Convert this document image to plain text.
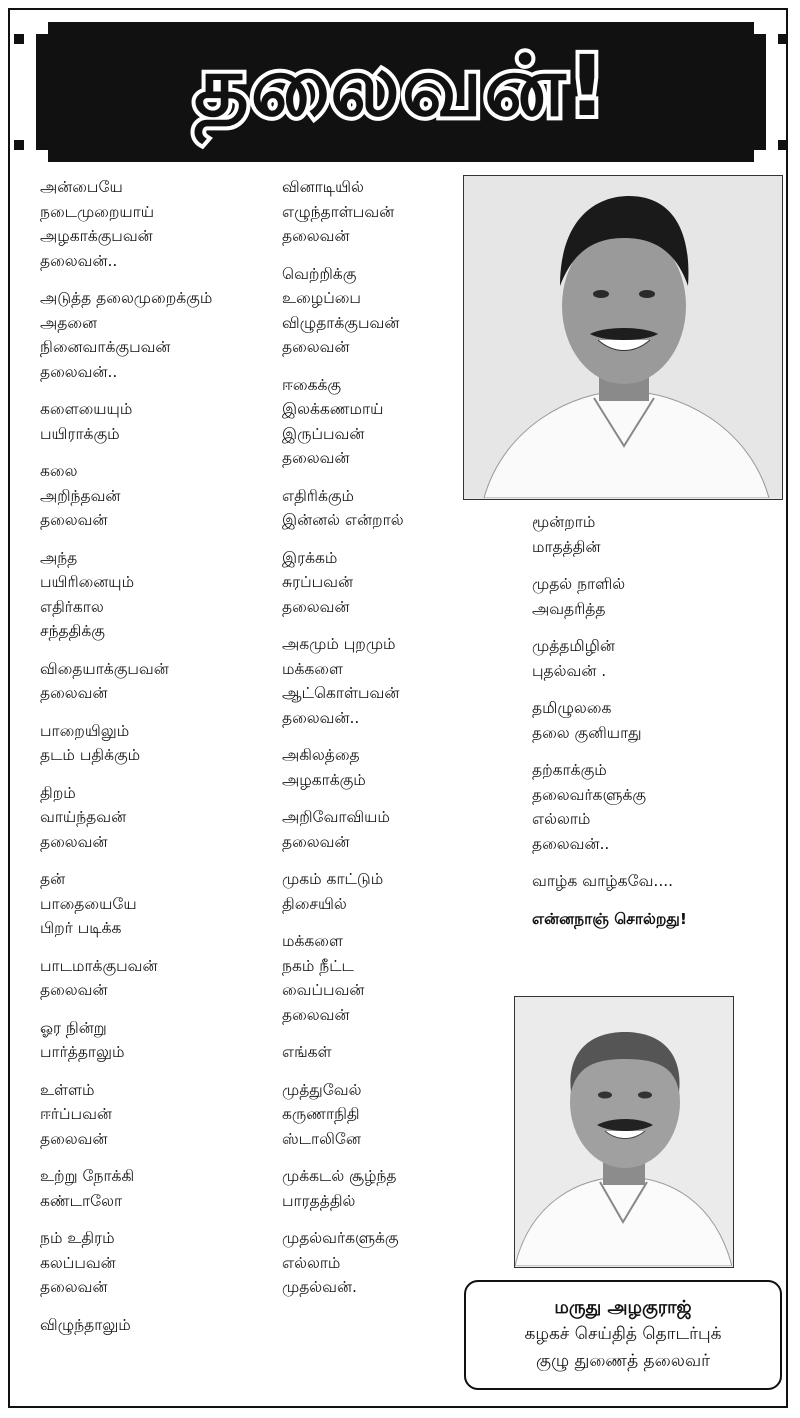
தலைவன்!

அன்பையே
நடைமுறையாய்
அழகாக்குபவன்
தலைவன்..

அடுத்த தலைமுறைக்கும்
அதனை
நினைவாக்குபவன்
தலைவன்..

களையையும்
பயிராக்கும்

கலை
அறிந்தவன்
தலைவன்

அந்த
பயிரினையும்
எதிர்கால
சந்ததிக்கு

விதையாக்குபவன்
தலைவன்

பாறையிலும்
தடம் பதிக்கும்

திறம்
வாய்ந்தவன்
தலைவன்

தன்
பாதையையே
பிறர் படிக்க

பாடமாக்குபவன்
தலைவன்

ஓர நின்று
பார்த்தாலும்

உள்ளம்
ஈர்ப்பவன்
தலைவன்

உற்று நோக்கி
கண்டாலோ

நம் உதிரம்
கலப்பவன்
தலைவன்

விழுந்தாலும்

வினாடியில்
எழுந்தாள்பவன்
தலைவன்

வெற்றிக்கு
உழைப்பை
விழுதாக்குபவன்
தலைவன்

ஈகைக்கு
இலக்கணமாய்
இருப்பவன்
தலைவன்

எதிரிக்கும்
இன்னல் என்றால்

இரக்கம்
சுரப்பவன்
தலைவன்

அகமும் புறமும்
மக்களை
ஆட்கொள்பவன்
தலைவன்..

அகிலத்தை
அழகாக்கும்

அறிவோவியம்
தலைவன்

முகம் காட்டும்
திசையில்

மக்களை
நகம் நீட்ட
வைப்பவன்
தலைவன்

எங்கள்

முத்துவேல்
கருணாநிதி
ஸ்டாலினே

முக்கடல் சூழ்ந்த
பாரதத்தில்

முதல்வர்களுக்கு
எல்லாம்
முதல்வன்.

மூன்றாம்
மாதத்தின்

முதல் நாளில்
அவதரித்த

முத்தமிழின்
புதல்வன் .

தமிழுலகை
தலை குனியாது

தற்காக்கும்
தலைவர்களுக்கு
எல்லாம்
தலைவன்..

வாழ்க வாழ்கவே....

என்னநாஞ் சொல்றது!

மருது அழகுராஜ்
கழகச் செய்தித் தொடர்புக்
குழு துணைத் தலைவர்
